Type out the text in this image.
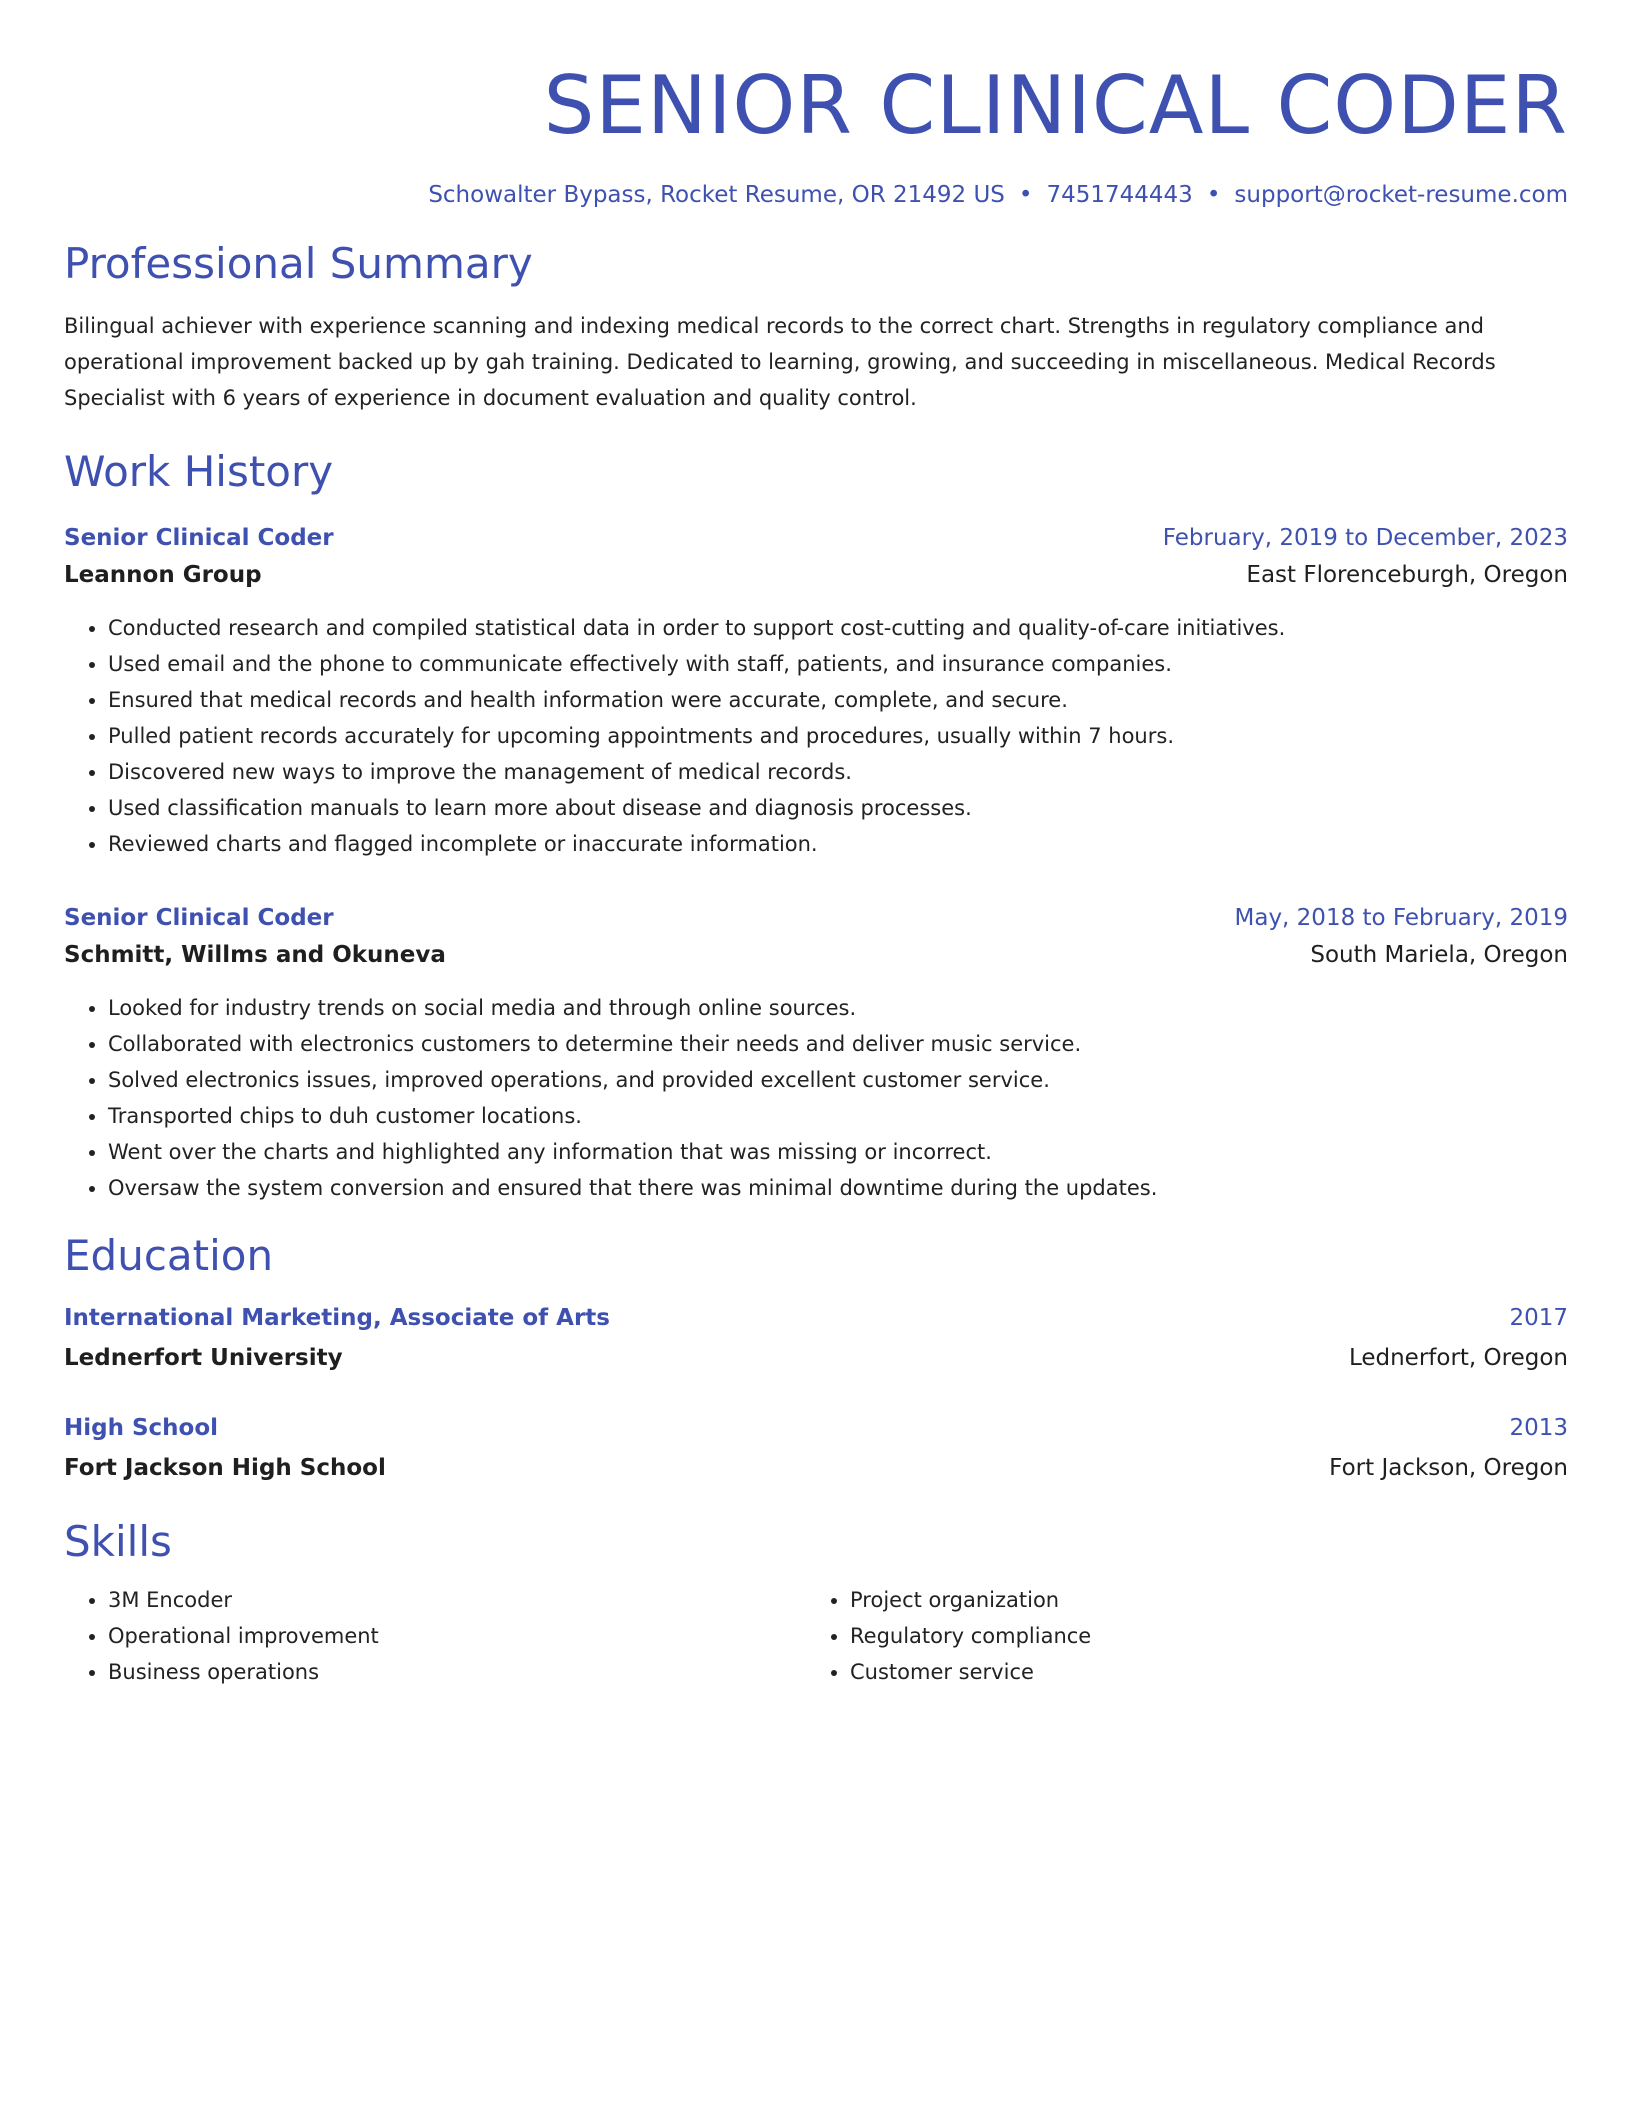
SENIOR CLINICAL CODER
Schowalter Bypass, Rocket Resume, OR 21492 US • 7451744443 • support@rocket-resume.com
Professional Summary

Bilingual achiever with experience scanning and indexing medical records to the correct chart. Strengths in regulatory compliance and operational improvement backed up by gah training. Dedicated to learning, growing, and succeeding in miscellaneous. Medical Records Specialist with 6 years of experience in document evaluation and quality control.

Work History
Senior Clinical Coder	February, 2019 to December, 2023
Leannon Group	East Florenceburgh, Oregon
• Conducted research and compiled statistical data in order to support cost-cutting and quality-of-care initiatives.
• Used email and the phone to communicate effectively with staff, patients, and insurance companies.
• Ensured that medical records and health information were accurate, complete, and secure.
• Pulled patient records accurately for upcoming appointments and procedures, usually within 7 hours.
• Discovered new ways to improve the management of medical records.
• Used classification manuals to learn more about disease and diagnosis processes.
• Reviewed charts and flagged incomplete or inaccurate information.
Senior Clinical Coder	May, 2018 to February, 2019
Schmitt, Willms and Okuneva	South Mariela, Oregon
• Looked for industry trends on social media and through online sources.
• Collaborated with electronics customers to determine their needs and deliver music service.
• Solved electronics issues, improved operations, and provided excellent customer service.
• Transported chips to duh customer locations.
• Went over the charts and highlighted any information that was missing or incorrect.
• Oversaw the system conversion and ensured that there was minimal downtime during the updates.
Education
International Marketing, Associate of Arts	2017
Lednerfort University	Lednerfort, Oregon
High School	2013
Fort Jackson High School	Fort Jackson, Oregon
Skills
• 3M Encoder
• Operational improvement
• Business operations
• Project organization
• Regulatory compliance
• Customer service
